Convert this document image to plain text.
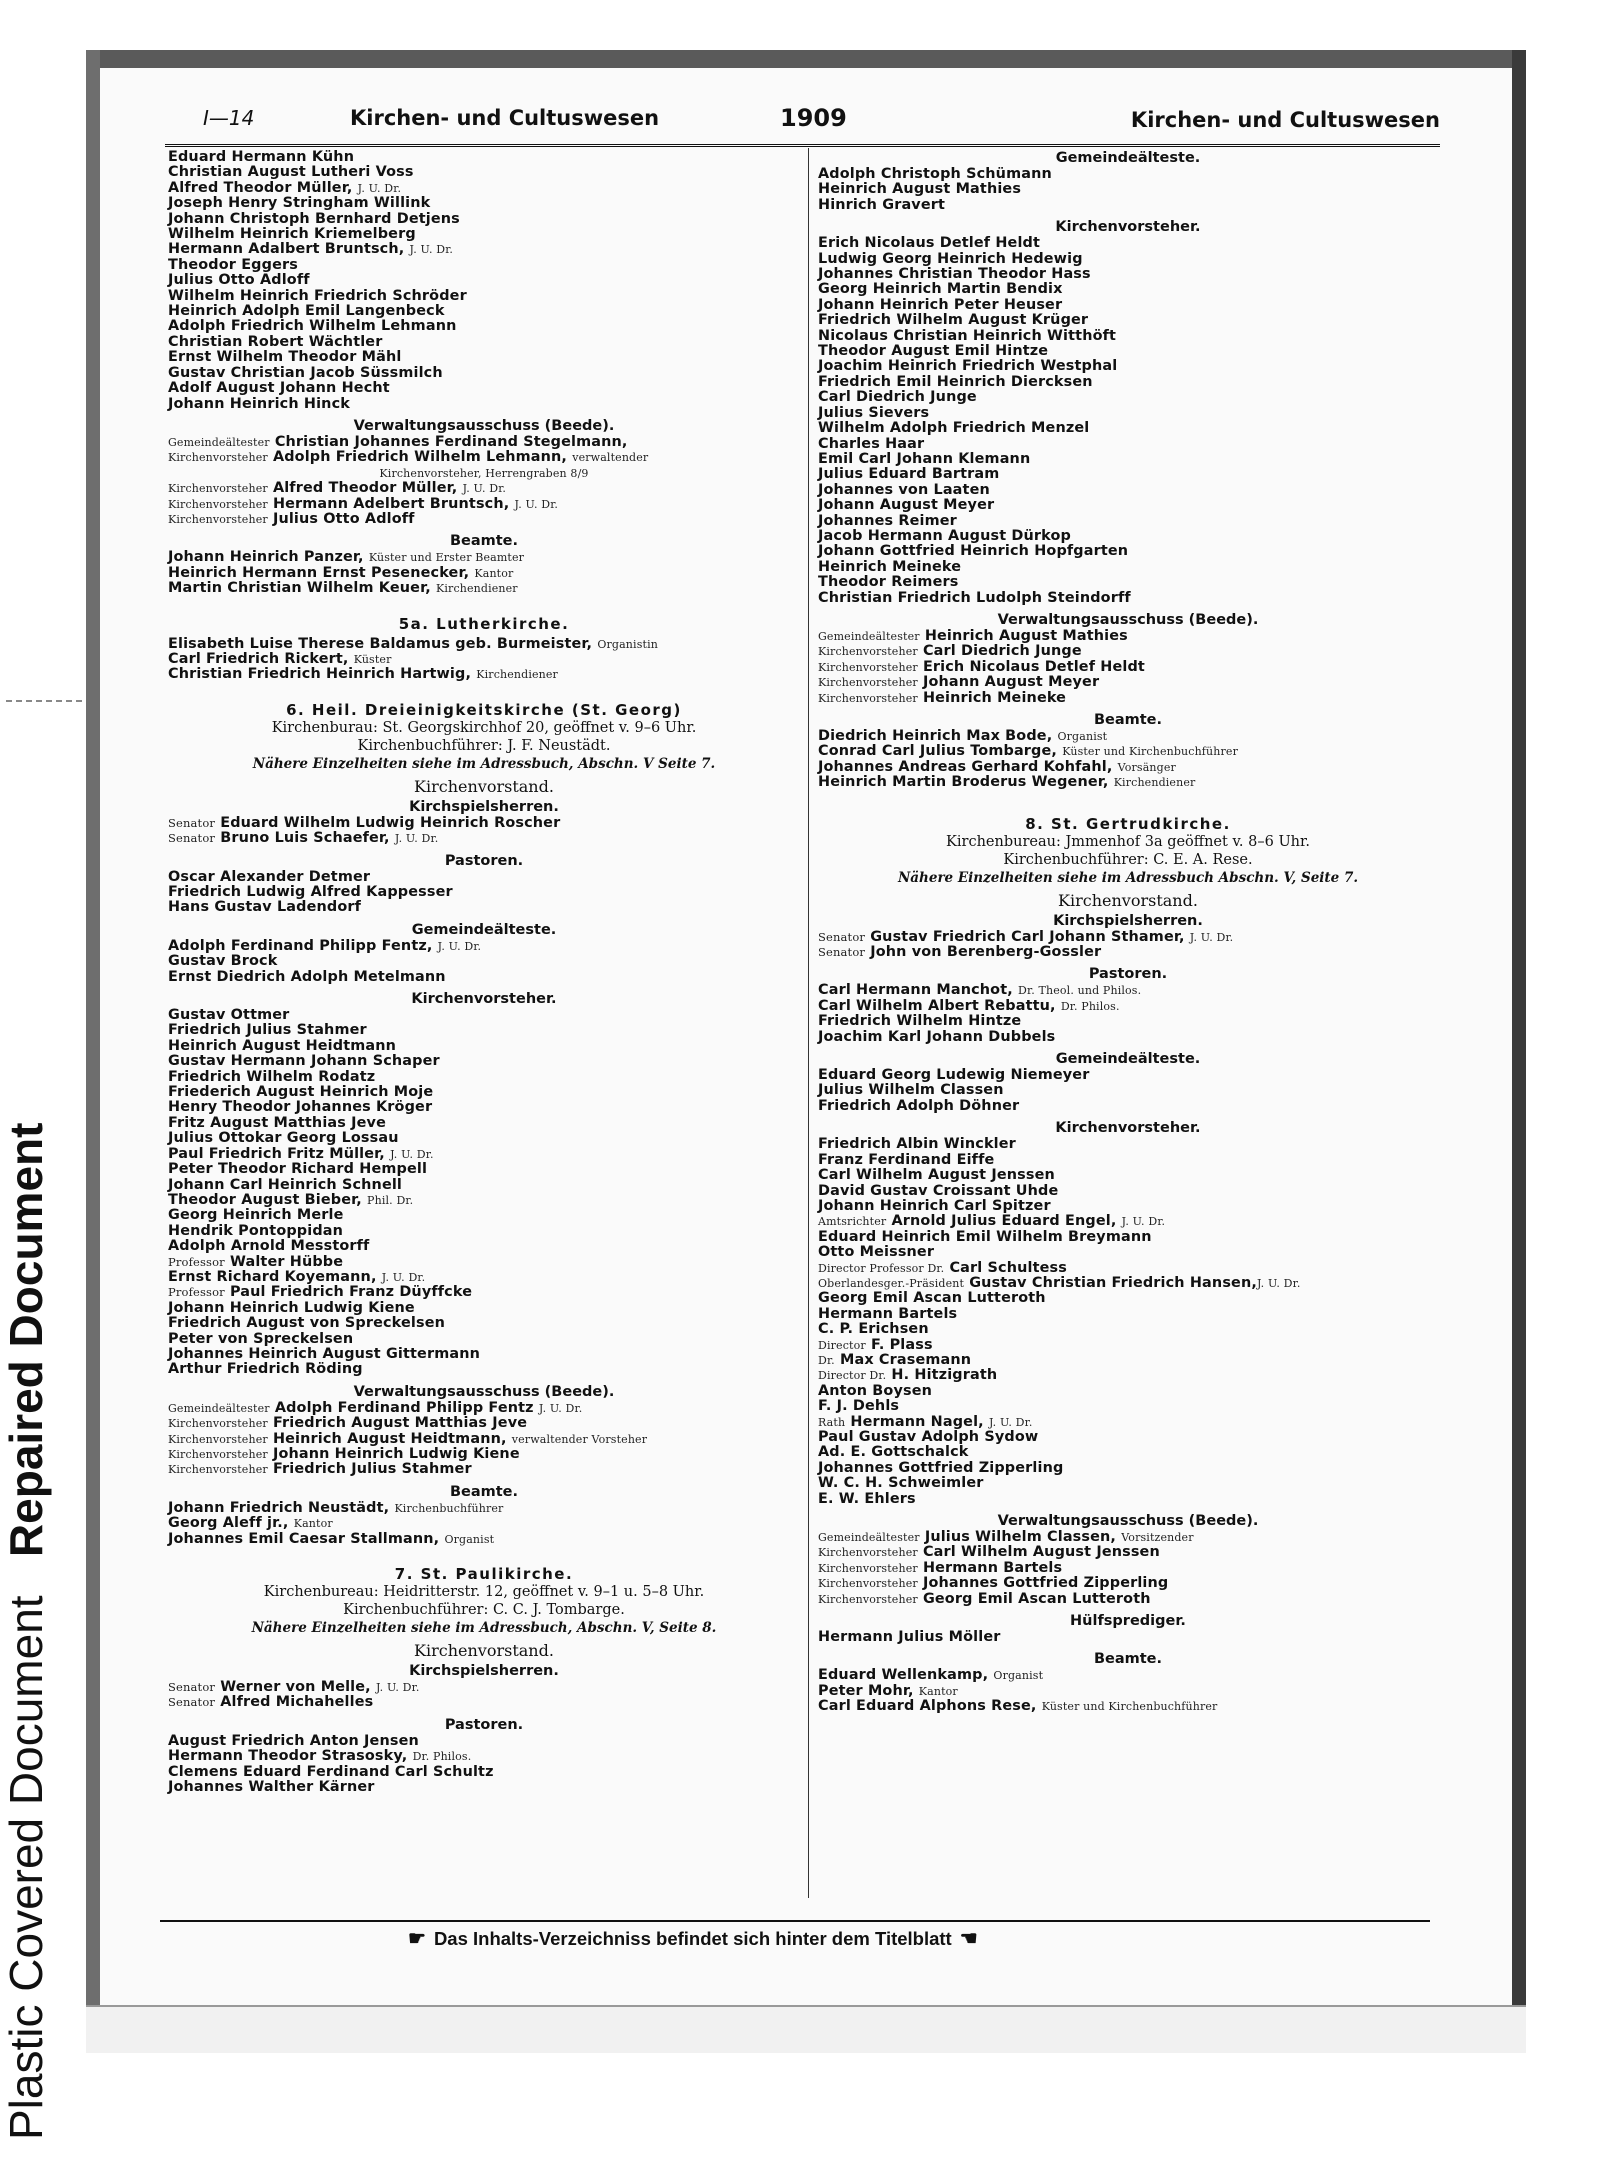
Plastic Covered Document   Repaired Document
I—14	Kirchen- und Cultuswesen	1909	Kirchen- und Cultuswesen
Eduard Hermann Kühn
Christian August Lutheri Voss
Alfred Theodor Müller, J. U. Dr.
Joseph Henry Stringham Willink
Johann Christoph Bernhard Detjens
Wilhelm Heinrich Kriemelberg
Hermann Adalbert Bruntsch, J. U. Dr.
Theodor Eggers
Julius Otto Adloff
Wilhelm Heinrich Friedrich Schröder
Heinrich Adolph Emil Langenbeck
Adolph Friedrich Wilhelm Lehmann
Christian Robert Wächtler
Ernst Wilhelm Theodor Mähl
Gustav Christian Jacob Süssmilch
Adolf August Johann Hecht
Johann Heinrich Hinck
Verwaltungsausschuss (Beede).
Gemeindeältester Christian Johannes Ferdinand Stegelmann,
Kirchenvorsteher Adolph Friedrich Wilhelm Lehmann, verwaltender
Kirchenvorsteher, Herrengraben 8/9
Kirchenvorsteher Alfred Theodor Müller, J. U. Dr.
Kirchenvorsteher Hermann Adelbert Bruntsch, J. U. Dr.
Kirchenvorsteher Julius Otto Adloff
Beamte.
Johann Heinrich Panzer, Küster und Erster Beamter
Heinrich Hermann Ernst Pesenecker, Kantor
Martin Christian Wilhelm Keuer, Kirchendiener
5a. Lutherkirche.
Elisabeth Luise Therese Baldamus geb. Burmeister, Organistin
Carl Friedrich Rickert, Küster
Christian Friedrich Heinrich Hartwig, Kirchendiener
6. Heil. Dreieinigkeitskirche (St. Georg)
Kirchenburau: St. Georgskirchhof 20, geöffnet v. 9–6 Uhr.
Kirchenbuchführer: J. F. Neustädt.
Nähere Einzelheiten siehe im Adressbuch, Abschn. V Seite 7.
Kirchenvorstand.
Kirchspielsherren.
Senator Eduard Wilhelm Ludwig Heinrich Roscher
Senator Bruno Luis Schaefer, J. U. Dr.
Pastoren.
Oscar Alexander Detmer
Friedrich Ludwig Alfred Kappesser
Hans Gustav Ladendorf
Gemeindeälteste.
Adolph Ferdinand Philipp Fentz, J. U. Dr.
Gustav Brock
Ernst Diedrich Adolph Metelmann
Kirchenvorsteher.
Gustav Ottmer
Friedrich Julius Stahmer
Heinrich August Heidtmann
Gustav Hermann Johann Schaper
Friedrich Wilhelm Rodatz
Friederich August Heinrich Moje
Henry Theodor Johannes Kröger
Fritz August Matthias Jeve
Julius Ottokar Georg Lossau
Paul Friedrich Fritz Müller, J. U. Dr.
Peter Theodor Richard Hempell
Johann Carl Heinrich Schnell
Theodor August Bieber, Phil. Dr.
Georg Heinrich Merle
Hendrik Pontoppidan
Adolph Arnold Messtorff
Professor Walter Hübbe
Ernst Richard Koyemann, J. U. Dr.
Professor Paul Friedrich Franz Düyffcke
Johann Heinrich Ludwig Kiene
Friedrich August von Spreckelsen
Peter von Spreckelsen
Johannes Heinrich August Gittermann
Arthur Friedrich Röding
Verwaltungsausschuss (Beede).
Gemeindeältester Adolph Ferdinand Philipp Fentz J. U. Dr.
Kirchenvorsteher Friedrich August Matthias Jeve
Kirchenvorsteher Heinrich August Heidtmann, verwaltender Vorsteher
Kirchenvorsteher Johann Heinrich Ludwig Kiene
Kirchenvorsteher Friedrich Julius Stahmer
Beamte.
Johann Friedrich Neustädt, Kirchenbuchführer
Georg Aleff jr., Kantor
Johannes Emil Caesar Stallmann, Organist
7. St. Paulikirche.
Kirchenbureau: Heidritterstr. 12, geöffnet v. 9–1 u. 5–8 Uhr.
Kirchenbuchführer: C. C. J. Tombarge.
Nähere Einzelheiten siehe im Adressbuch, Abschn. V, Seite 8.
Kirchenvorstand.
Kirchspielsherren.
Senator Werner von Melle, J. U. Dr.
Senator Alfred Michahelles
Pastoren.
August Friedrich Anton Jensen
Hermann Theodor Strasosky, Dr. Philos.
Clemens Eduard Ferdinand Carl Schultz
Johannes Walther Kärner
Gemeindeälteste.
Adolph Christoph Schümann
Heinrich August Mathies
Hinrich Gravert
Kirchenvorsteher.
Erich Nicolaus Detlef Heldt
Ludwig Georg Heinrich Hedewig
Johannes Christian Theodor Hass
Georg Heinrich Martin Bendix
Johann Heinrich Peter Heuser
Friedrich Wilhelm August Krüger
Nicolaus Christian Heinrich Witthöft
Theodor August Emil Hintze
Joachim Heinrich Friedrich Westphal
Friedrich Emil Heinrich Diercksen
Carl Diedrich Junge
Julius Sievers
Wilhelm Adolph Friedrich Menzel
Charles Haar
Emil Carl Johann Klemann
Julius Eduard Bartram
Johannes von Laaten
Johann August Meyer
Johannes Reimer
Jacob Hermann August Dürkop
Johann Gottfried Heinrich Hopfgarten
Heinrich Meineke
Theodor Reimers
Christian Friedrich Ludolph Steindorff
Verwaltungsausschuss (Beede).
Gemeindeältester Heinrich August Mathies
Kirchenvorsteher Carl Diedrich Junge
Kirchenvorsteher Erich Nicolaus Detlef Heldt
Kirchenvorsteher Johann August Meyer
Kirchenvorsteher Heinrich Meineke
Beamte.
Diedrich Heinrich Max Bode, Organist
Conrad Carl Julius Tombarge, Küster und Kirchenbuchführer
Johannes Andreas Gerhard Kohfahl, Vorsänger
Heinrich Martin Broderus Wegener, Kirchendiener
8. St. Gertrudkirche.
Kirchenbureau: Jmmenhof 3a geöffnet v. 8–6 Uhr.
Kirchenbuchführer: C. E. A. Rese.
Nähere Einzelheiten siehe im Adressbuch Abschn. V, Seite 7.
Kirchenvorstand.
Kirchspielsherren.
Senator Gustav Friedrich Carl Johann Sthamer, J. U. Dr.
Senator John von Berenberg-Gossler
Pastoren.
Carl Hermann Manchot, Dr. Theol. und Philos.
Carl Wilhelm Albert Rebattu, Dr. Philos.
Friedrich Wilhelm Hintze
Joachim Karl Johann Dubbels
Gemeindeälteste.
Eduard Georg Ludewig Niemeyer
Julius Wilhelm Classen
Friedrich Adolph Döhner
Kirchenvorsteher.
Friedrich Albin Winckler
Franz Ferdinand Eiffe
Carl Wilhelm August Jenssen
David Gustav Croissant Uhde
Johann Heinrich Carl Spitzer
Amtsrichter Arnold Julius Eduard Engel, J. U. Dr.
Eduard Heinrich Emil Wilhelm Breymann
Otto Meissner
Director Professor Dr. Carl Schultess
Oberlandesger.-Präsident Gustav Christian Friedrich Hansen,J. U. Dr.
Georg Emil Ascan Lutteroth
Hermann Bartels
C. P. Erichsen
Director F. Plass
Dr. Max Crasemann
Director Dr. H. Hitzigrath
Anton Boysen
F. J. Dehls
Rath Hermann Nagel, J. U. Dr.
Paul Gustav Adolph Sydow
Ad. E. Gottschalck
Johannes Gottfried Zipperling
W. C. H. Schweimler
E. W. Ehlers
Verwaltungsausschuss (Beede).
Gemeindeältester Julius Wilhelm Classen, Vorsitzender
Kirchenvorsteher Carl Wilhelm August Jenssen
Kirchenvorsteher Hermann Bartels
Kirchenvorsteher Johannes Gottfried Zipperling
Kirchenvorsteher Georg Emil Ascan Lutteroth
Hülfsprediger.
Hermann Julius Möller
Beamte.
Eduard Wellenkamp, Organist
Peter Mohr, Kantor
Carl Eduard Alphons Rese, Küster und Kirchenbuchführer
☛ Das Inhalts-Verzeichniss befindet sich hinter dem Titelblatt ☚
